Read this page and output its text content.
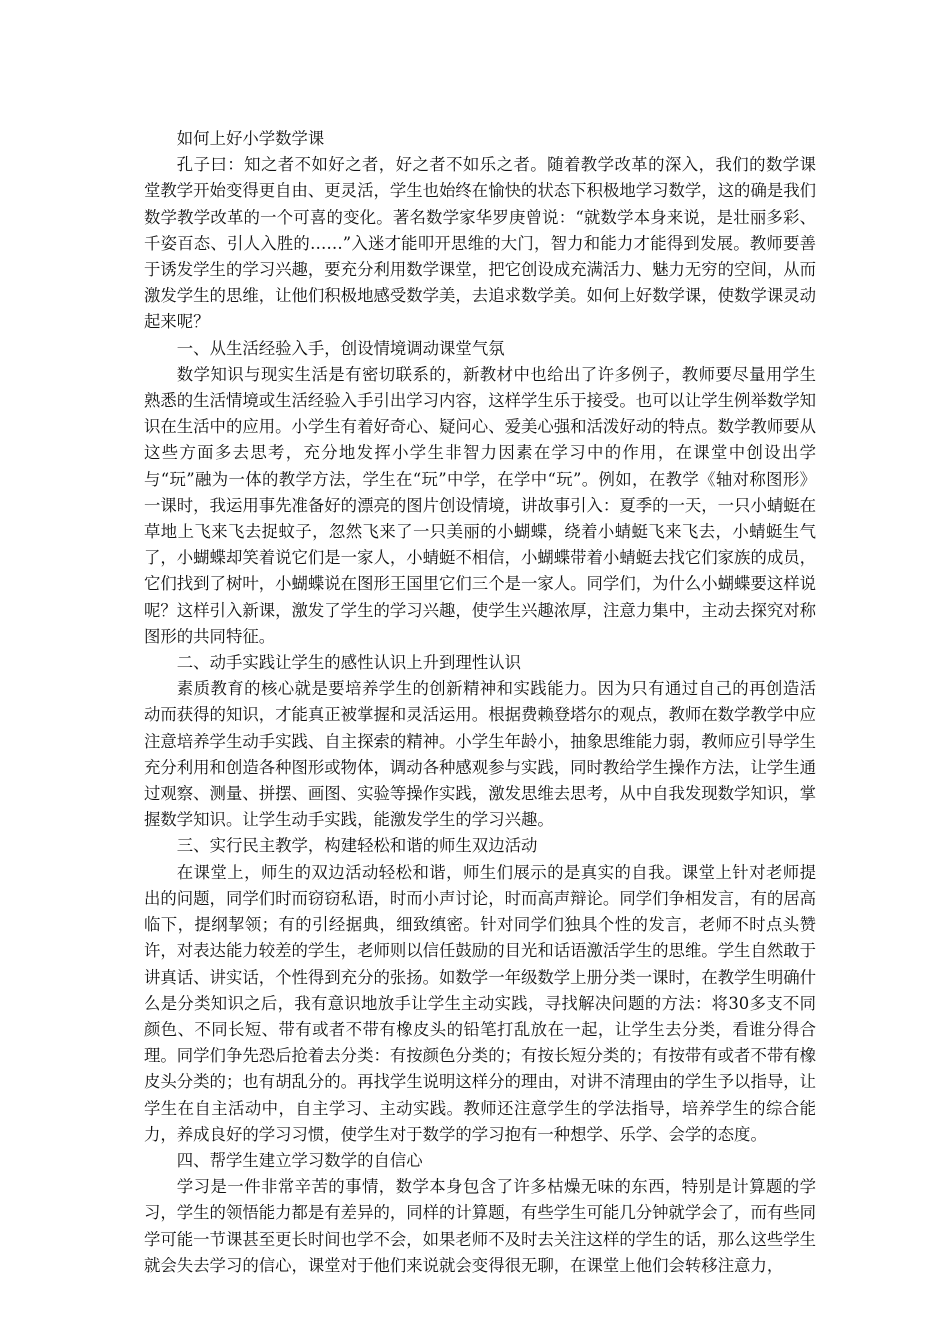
如何上好小学数学课

孔子曰：知之者不如好之者，好之者不如乐之者。随着教学改革的深入，我们的数学课堂教学开始变得更自由、更灵活，学生也始终在愉快的状态下积极地学习数学，这的确是我们数学教学改革的一个可喜的变化。著名数学家华罗庚曾说：“就数学本身来说，是壮丽多彩、千姿百态、引人入胜的……”入迷才能叩开思维的大门，智力和能力才能得到发展。教师要善于诱发学生的学习兴趣，要充分利用数学课堂，把它创设成充满活力、魅力无穷的空间，从而激发学生的思维，让他们积极地感受数学美，去追求数学美。如何上好数学课，使数学课灵动起来呢？

一、从生活经验入手，创设情境调动课堂气氛

数学知识与现实生活是有密切联系的，新教材中也给出了许多例子，教师要尽量用学生熟悉的生活情境或生活经验入手引出学习内容，这样学生乐于接受。也可以让学生例举数学知识在生活中的应用。小学生有着好奇心、疑问心、爱美心强和活泼好动的特点。数学教师要从这些方面多去思考，充分地发挥小学生非智力因素在学习中的作用，在课堂中创设出学与“玩”融为一体的教学方法，学生在“玩”中学，在学中“玩”。例如，在教学《轴对称图形》一课时，我运用事先准备好的漂亮的图片创设情境，讲故事引入：夏季的一天，一只小蜻蜓在草地上飞来飞去捉蚊子，忽然飞来了一只美丽的小蝴蝶，绕着小蜻蜓飞来飞去，小蜻蜓生气了，小蝴蝶却笑着说它们是一家人，小蜻蜓不相信，小蝴蝶带着小蜻蜓去找它们家族的成员，它们找到了树叶，小蝴蝶说在图形王国里它们三个是一家人。同学们，为什么小蝴蝶要这样说呢？这样引入新课，激发了学生的学习兴趣，使学生兴趣浓厚，注意力集中，主动去探究对称图形的共同特征。

二、动手实践让学生的感性认识上升到理性认识

素质教育的核心就是要培养学生的创新精神和实践能力。因为只有通过自己的再创造活动而获得的知识，才能真正被掌握和灵活运用。根据费赖登塔尔的观点，教师在数学教学中应注意培养学生动手实践、自主探索的精神。小学生年龄小，抽象思维能力弱，教师应引导学生充分利用和创造各种图形或物体，调动各种感观参与实践，同时教给学生操作方法，让学生通过观察、测量、拼摆、画图、实验等操作实践，激发思维去思考，从中自我发现数学知识，掌握数学知识。让学生动手实践，能激发学生的学习兴趣。

三、实行民主教学，构建轻松和谐的师生双边活动

在课堂上，师生的双边活动轻松和谐，师生们展示的是真实的自我。课堂上针对老师提出的问题，同学们时而窃窃私语，时而小声讨论，时而高声辩论。同学们争相发言，有的居高临下，提纲挈领；有的引经据典，细致缜密。针对同学们独具个性的发言，老师不时点头赞许，对表达能力较差的学生，老师则以信任鼓励的目光和话语激活学生的思维。学生自然敢于讲真话、讲实话，个性得到充分的张扬。如数学一年级数学上册分类一课时，在教学生明确什么是分类知识之后，我有意识地放手让学生主动实践，寻找解决问题的方法：将30多支不同颜色、不同长短、带有或者不带有橡皮头的铅笔打乱放在一起，让学生去分类，看谁分得合理。同学们争先恐后抢着去分类：有按颜色分类的；有按长短分类的；有按带有或者不带有橡皮头分类的；也有胡乱分的。再找学生说明这样分的理由，对讲不清理由的学生予以指导，让学生在自主活动中，自主学习、主动实践。教师还注意学生的学法指导，培养学生的综合能力，养成良好的学习习惯，使学生对于数学的学习抱有一种想学、乐学、会学的态度。

四、帮学生建立学习数学的自信心

学习是一件非常辛苦的事情，数学本身包含了许多枯燥无味的东西，特别是计算题的学习，学生的领悟能力都是有差异的，同样的计算题，有些学生可能几分钟就学会了，而有些同学可能一节课甚至更长时间也学不会，如果老师不及时去关注这样的学生的话，那么这些学生就会失去学习的信心，课堂对于他们来说就会变得很无聊，在课堂上他们会转移注意力，
